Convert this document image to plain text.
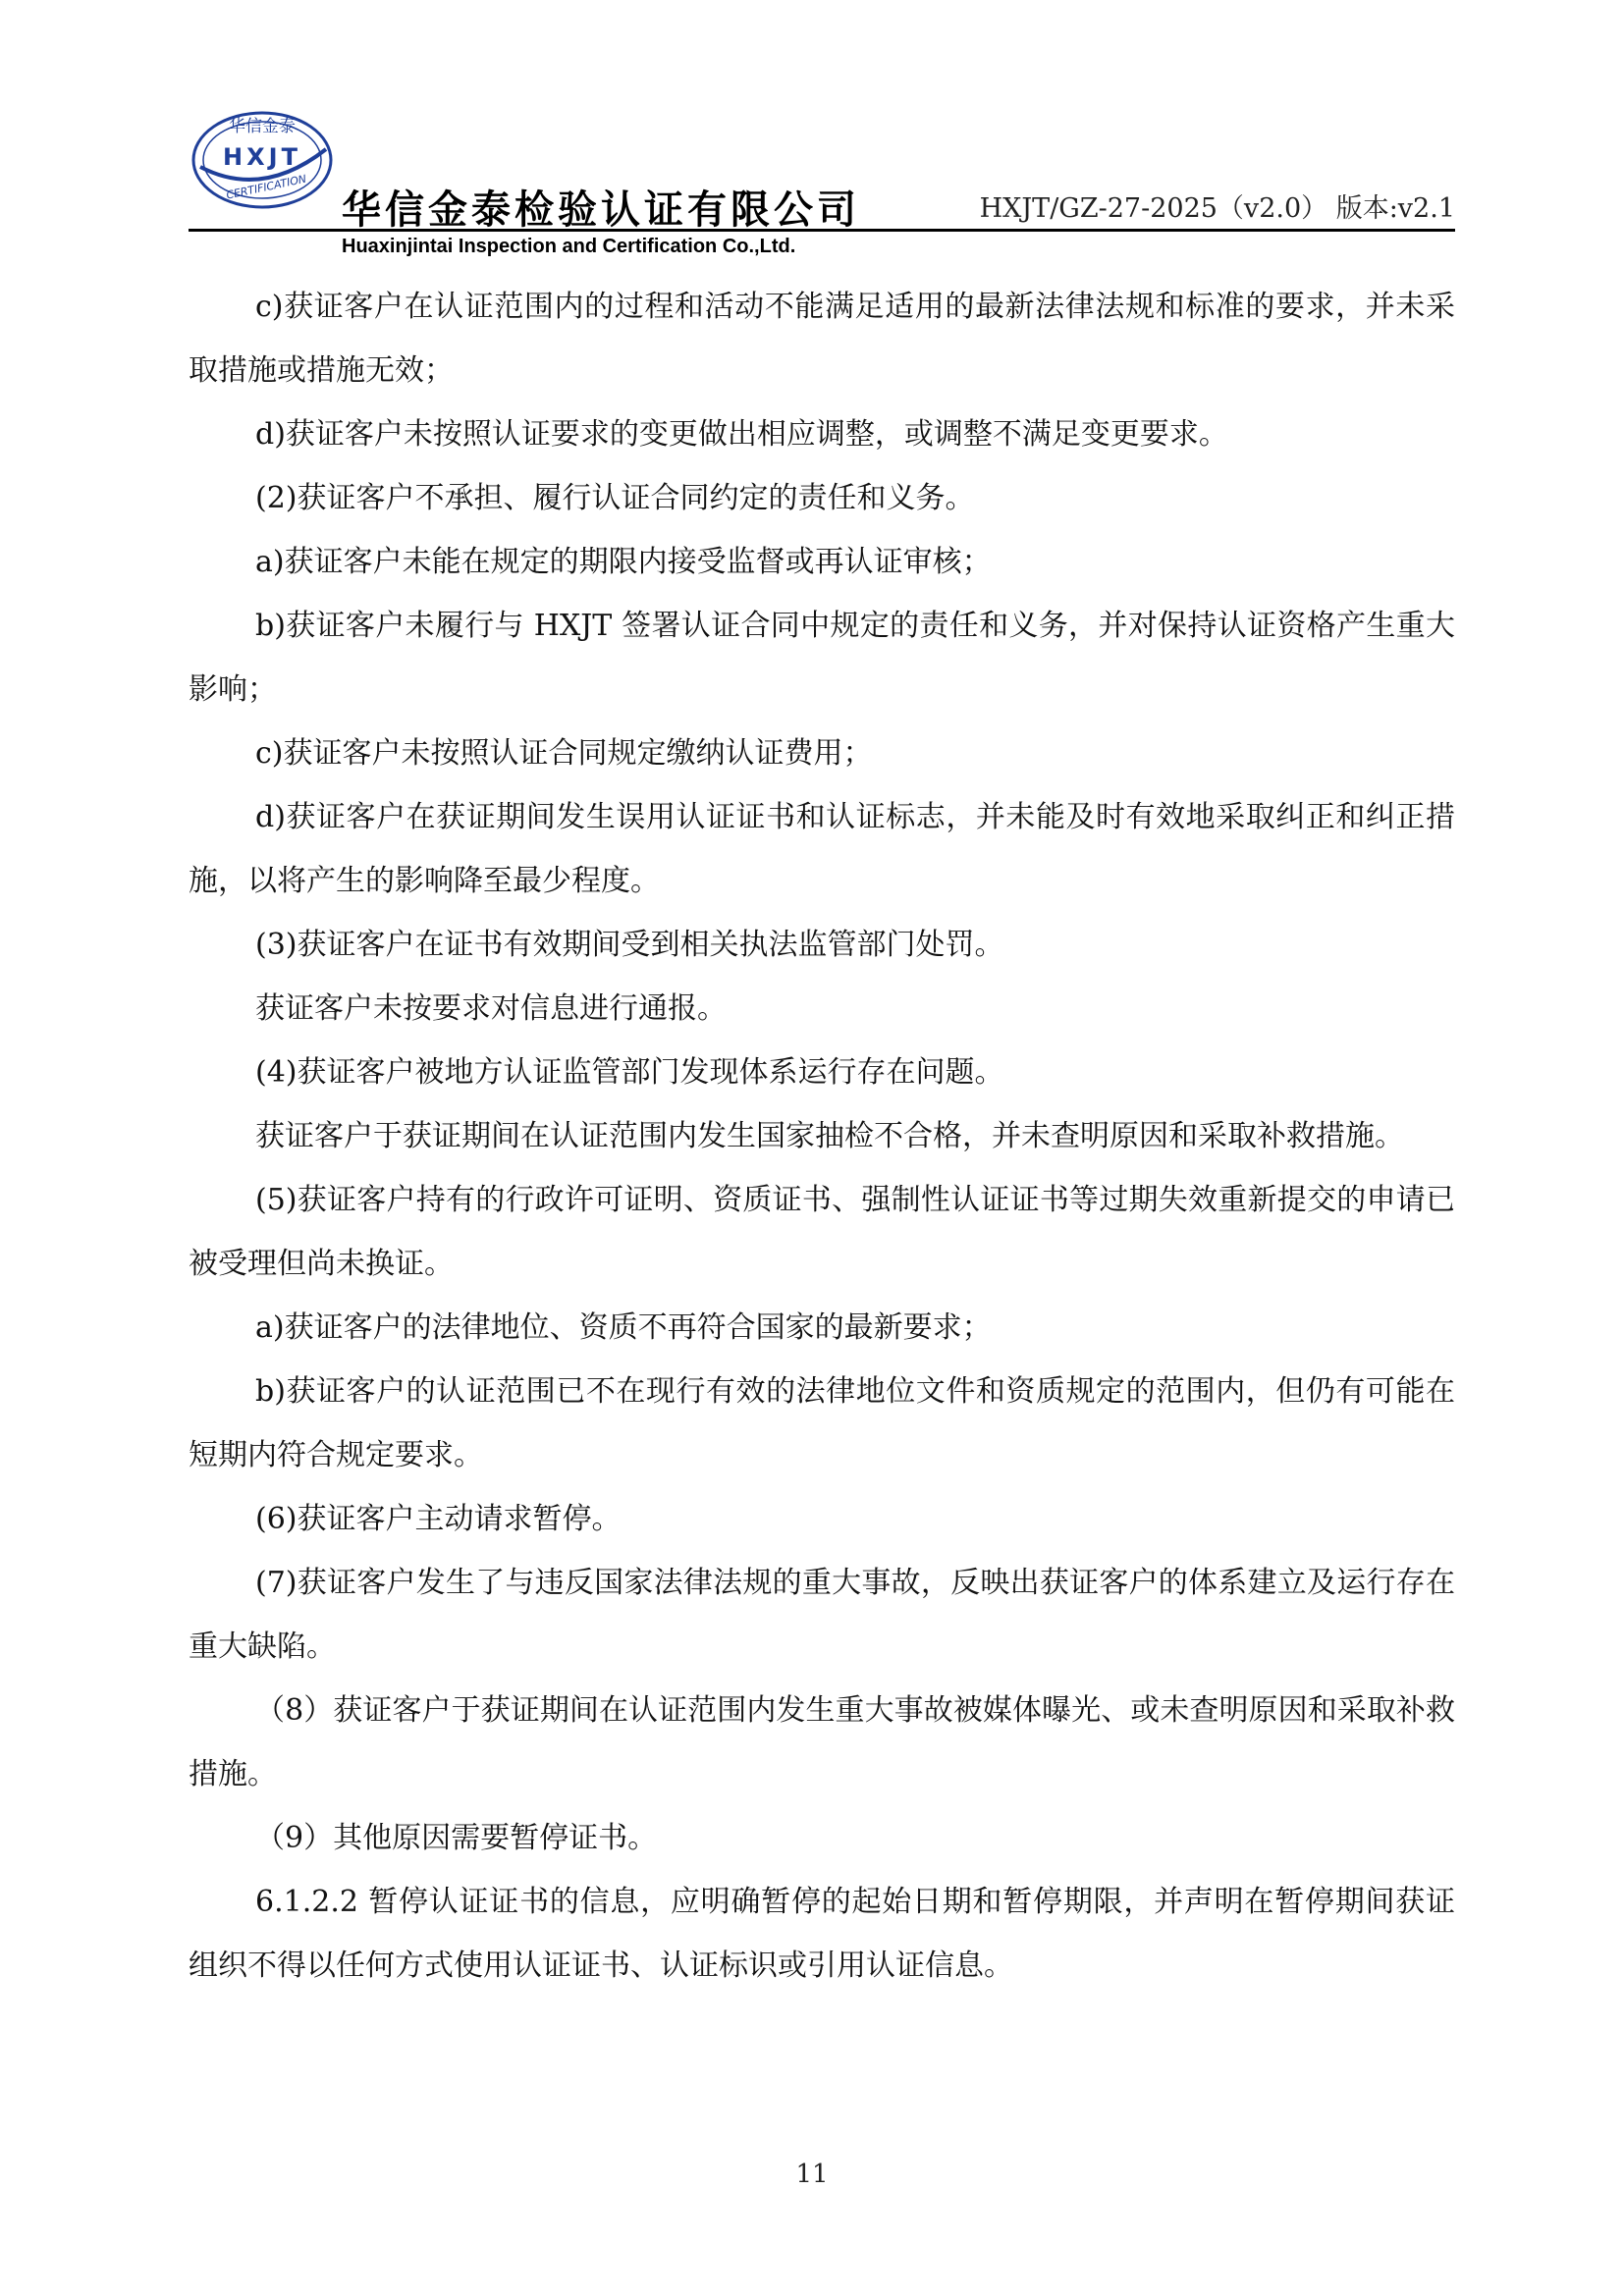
华信金泰
HXJT
CERTIFICATION
华信金泰检验认证有限公司	HXJT/GZ-27-2025（v2.0） 版本:v2.1
Huaxinjintai Inspection and Certification Co.,Ltd.

c)获证客户在认证范围内的过程和活动不能满足适用的最新法律法规和标准的要求，并未采取措施或措施无效；

d)获证客户未按照认证要求的变更做出相应调整，或调整不满足变更要求。

(2)获证客户不承担、履行认证合同约定的责任和义务。

a)获证客户未能在规定的期限内接受监督或再认证审核；

b)获证客户未履行与 HXJT 签署认证合同中规定的责任和义务，并对保持认证资格产生重大影响；

c)获证客户未按照认证合同规定缴纳认证费用；

d)获证客户在获证期间发生误用认证证书和认证标志，并未能及时有效地采取纠正和纠正措施，以将产生的影响降至最少程度。

(3)获证客户在证书有效期间受到相关执法监管部门处罚。

获证客户未按要求对信息进行通报。

(4)获证客户被地方认证监管部门发现体系运行存在问题。

获证客户于获证期间在认证范围内发生国家抽检不合格，并未查明原因和采取补救措施。

(5)获证客户持有的行政许可证明、资质证书、强制性认证证书等过期失效重新提交的申请已被受理但尚未换证。

a)获证客户的法律地位、资质不再符合国家的最新要求；

b)获证客户的认证范围已不在现行有效的法律地位文件和资质规定的范围内，但仍有可能在短期内符合规定要求。

(6)获证客户主动请求暂停。

(7)获证客户发生了与违反国家法律法规的重大事故，反映出获证客户的体系建立及运行存在重大缺陷。

（8）获证客户于获证期间在认证范围内发生重大事故被媒体曝光、或未查明原因和采取补救措施。

（9）其他原因需要暂停证书。

6.1.2.2 暂停认证证书的信息，应明确暂停的起始日期和暂停期限，并声明在暂停期间获证组织不得以任何方式使用认证证书、认证标识或引用认证信息。

11
